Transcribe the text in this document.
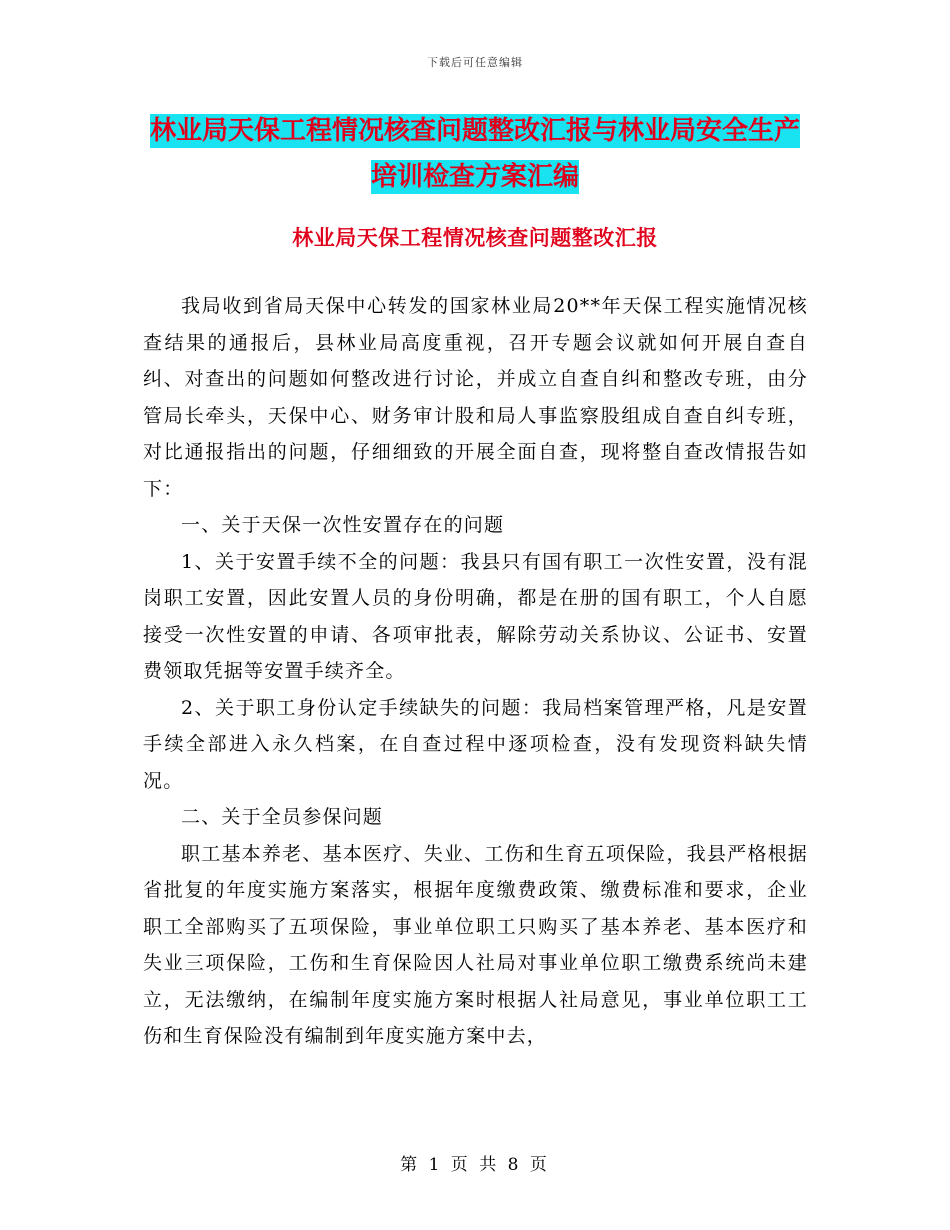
下载后可任意编辑
林业局天保工程情况核查问题整改汇报与林业局安全生产培训检查方案汇编
林业局天保工程情况核查问题整改汇报

我局收到省局天保中心转发的国家林业局20**年天保工程实施情况核查结果的通报后，县林业局高度重视，召开专题会议就如何开展自查自纠、对查出的问题如何整改进行讨论，并成立自查自纠和整改专班，由分管局长牵头，天保中心、财务审计股和局人事监察股组成自查自纠专班，对比通报指出的问题，仔细细致的开展全面自查，现将整自查改情报告如下：

一、关于天保一次性安置存在的问题

1、关于安置手续不全的问题：我县只有国有职工一次性安置，没有混岗职工安置，因此安置人员的身份明确，都是在册的国有职工，个人自愿接受一次性安置的申请、各项审批表，解除劳动关系协议、公证书、安置费领取凭据等安置手续齐全。

2、关于职工身份认定手续缺失的问题：我局档案管理严格，凡是安置手续全部进入永久档案，在自查过程中逐项检查，没有发现资料缺失情况。

二、关于全员参保问题

职工基本养老、基本医疗、失业、工伤和生育五项保险，我县严格根据省批复的年度实施方案落实，根据年度缴费政策、缴费标准和要求，企业职工全部购买了五项保险，事业单位职工只购买了基本养老、基本医疗和失业三项保险，工伤和生育保险因人社局对事业单位职工缴费系统尚未建立，无法缴纳，在编制年度实施方案时根据人社局意见，事业单位职工工伤和生育保险没有编制到年度实施方案中去，

第 1 页 共 8 页
